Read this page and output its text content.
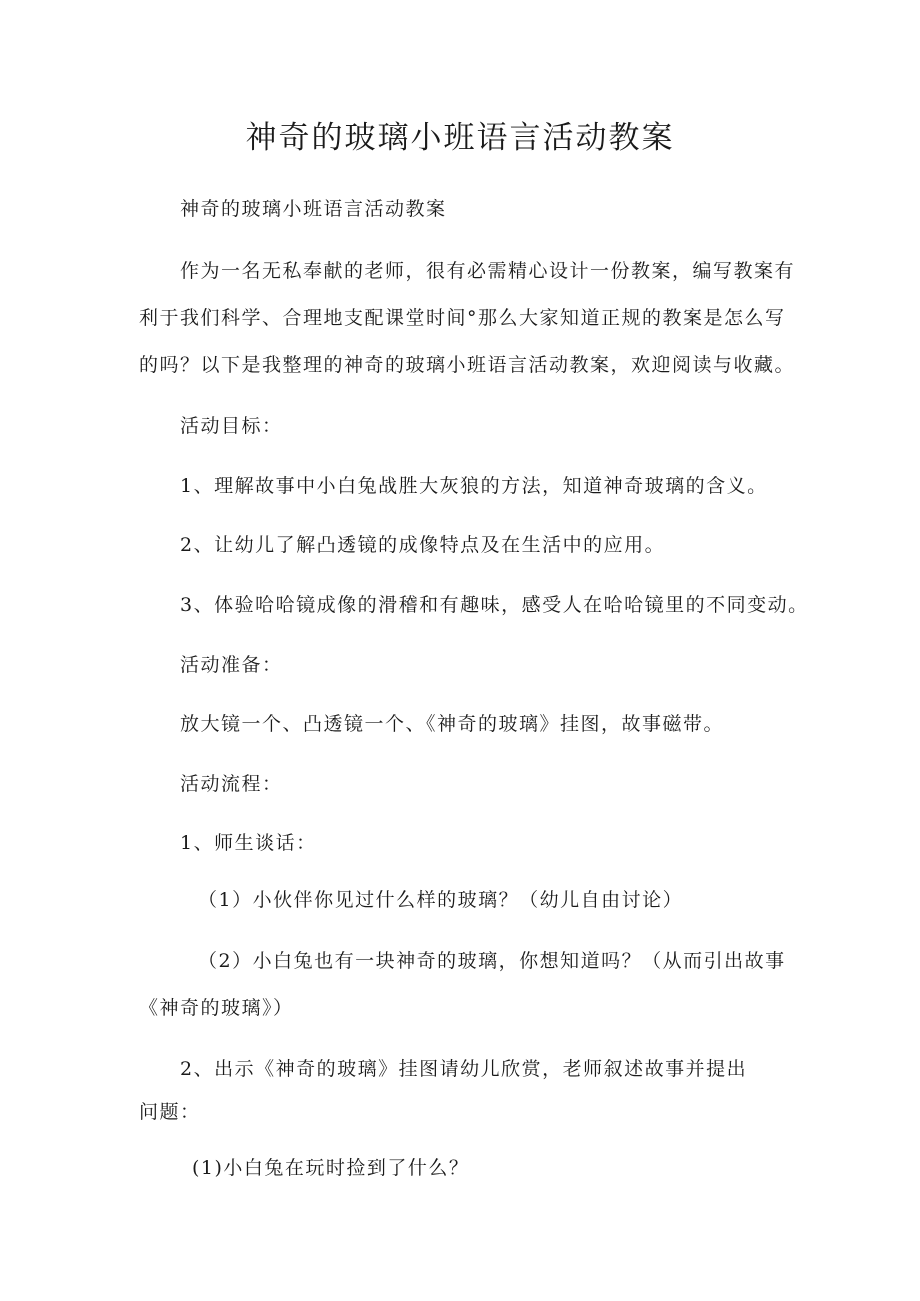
神奇的玻璃小班语言活动教案

神奇的玻璃小班语言活动教案

作为一名无私奉献的老师，很有必需精心设计一份教案，编写教案有

利于我们科学、合理地支配课堂时间°那么大家知道正规的教案是怎么写

的吗？以下是我整理的神奇的玻璃小班语言活动教案，欢迎阅读与收藏。

活动目标：

1、理解故事中小白兔战胜大灰狼的方法，知道神奇玻璃的含义。

2、让幼儿了解凸透镜的成像特点及在生活中的应用。

3、体验哈哈镜成像的滑稽和有趣味，感受人在哈哈镜里的不同变动。

活动准备：

放大镜一个、凸透镜一个、《神奇的玻璃》挂图，故事磁带。

活动流程：

1、师生谈话：

（1）小伙伴你见过什么样的玻璃？（幼儿自由讨论）

（2）小白兔也有一块神奇的玻璃，你想知道吗？（从而引出故事

《神奇的玻璃》）

2、出示《神奇的玻璃》挂图请幼儿欣赏，老师叙述故事并提出

问题：

(1)小白兔在玩时捡到了什么？
